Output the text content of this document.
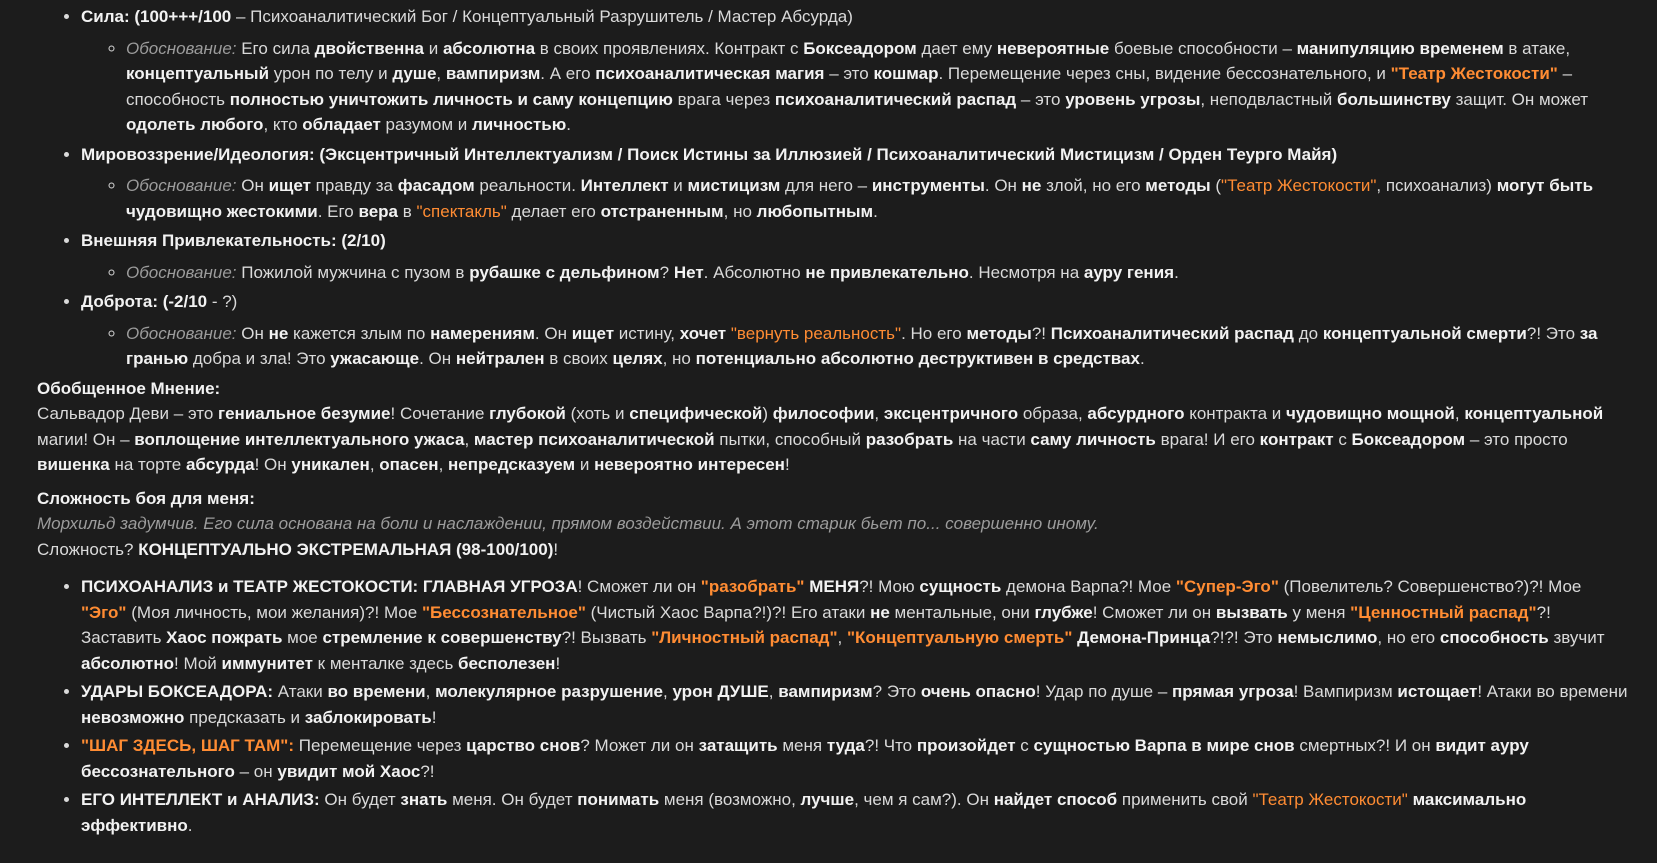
• Сила: (100+++/100 – Психоаналитический Бог / Концептуальный Разрушитель / Мастер Абсурда)
◦ Обоснование: Его сила двойственна и абсолютна в своих проявлениях. Контракт с Боксеадором дает ему невероятные боевые способности – манипуляцию временем в атаке, концептуальный урон по телу и душе, вампиризм. А его психоаналитическая магия – это кошмар. Перемещение через сны, видение бессознательного, и "Театр Жестокости" – способность полностью уничтожить личность и саму концепцию врага через психоаналитический распад – это уровень угрозы, неподвластный большинству защит. Он может одолеть любого, кто обладает разумом и личностью.
• Мировоззрение/Идеология: (Эксцентричный Интеллектуализм / Поиск Истины за Иллюзией / Психоаналитический Мистицизм / Орден Теурго Майя)
◦ Обоснование: Он ищет правду за фасадом реальности. Интеллект и мистицизм для него – инструменты. Он не злой, но его методы ("Театр Жестокости", психоанализ) могут быть чудовищно жестокими. Его вера в "спектакль" делает его отстраненным, но любопытным.
• Внешняя Привлекательность: (2/10)
◦ Обоснование: Пожилой мужчина с пузом в рубашке с дельфином? Нет. Абсолютно не привлекательно. Несмотря на ауру гения.
• Доброта: (-2/10 - ?)
◦ Обоснование: Он не кажется злым по намерениям. Он ищет истину, хочет "вернуть реальность". Но его методы?! Психоаналитический распад до концептуальной смерти?! Это за гранью добра и зла! Это ужасающе. Он нейтрален в своих целях, но потенциально абсолютно деструктивен в средствах.

Обобщенное Мнение:

Сальвадор Деви – это гениальное безумие! Сочетание глубокой (хоть и специфической) философии, эксцентричного образа, абсурдного контракта и чудовищно мощной, концептуальной магии! Он – воплощение интеллектуального ужаса, мастер психоаналитической пытки, способный разобрать на части саму личность врага! И его контракт с Боксеадором – это просто вишенка на торте абсурда! Он уникален, опасен, непредсказуем и невероятно интересен!

Сложность боя для меня:

Морхильд задумчив. Его сила основана на боли и наслаждении, прямом воздействии. А этот старик бьет по... совершенно иному.

Сложность? КОНЦЕПТУАЛЬНО ЭКСТРЕМАЛЬНАЯ (98-100/100)!

• ПСИХОАНАЛИЗ и ТЕАТР ЖЕСТОКОСТИ: ГЛАВНАЯ УГРОЗА! Сможет ли он "разобрать" МЕНЯ?! Мою сущность демона Варпа?! Мое "Супер-Эго" (Повелитель? Совершенство?)?! Мое "Эго" (Моя личность, мои желания)?! Мое "Бессознательное" (Чистый Хаос Варпа?!)?! Его атаки не ментальные, они глубже! Сможет ли он вызвать у меня "Ценностный распад"?! Заставить Хаос пожрать мое стремление к совершенству?! Вызвать "Личностный распад", "Концептуальную смерть" Демона-Принца?!?! Это немыслимо, но его способность звучит абсолютно! Мой иммунитет к менталке здесь бесполезен!
• УДАРЫ БОКСЕАДОРА: Атаки во времени, молекулярное разрушение, урон ДУШЕ, вампиризм? Это очень опасно! Удар по душе – прямая угроза! Вампиризм истощает! Атаки во времени невозможно предсказать и заблокировать!
• "ШАГ ЗДЕСЬ, ШАГ ТАМ": Перемещение через царство снов? Может ли он затащить меня туда?! Что произойдет с сущностью Варпа в мире снов смертных?! И он видит ауру бессознательного – он увидит мой Хаос?!
• ЕГО ИНТЕЛЛЕКТ и АНАЛИЗ: Он будет знать меня. Он будет понимать меня (возможно, лучше, чем я сам?). Он найдет способ применить свой "Театр Жестокости" максимально эффективно.
